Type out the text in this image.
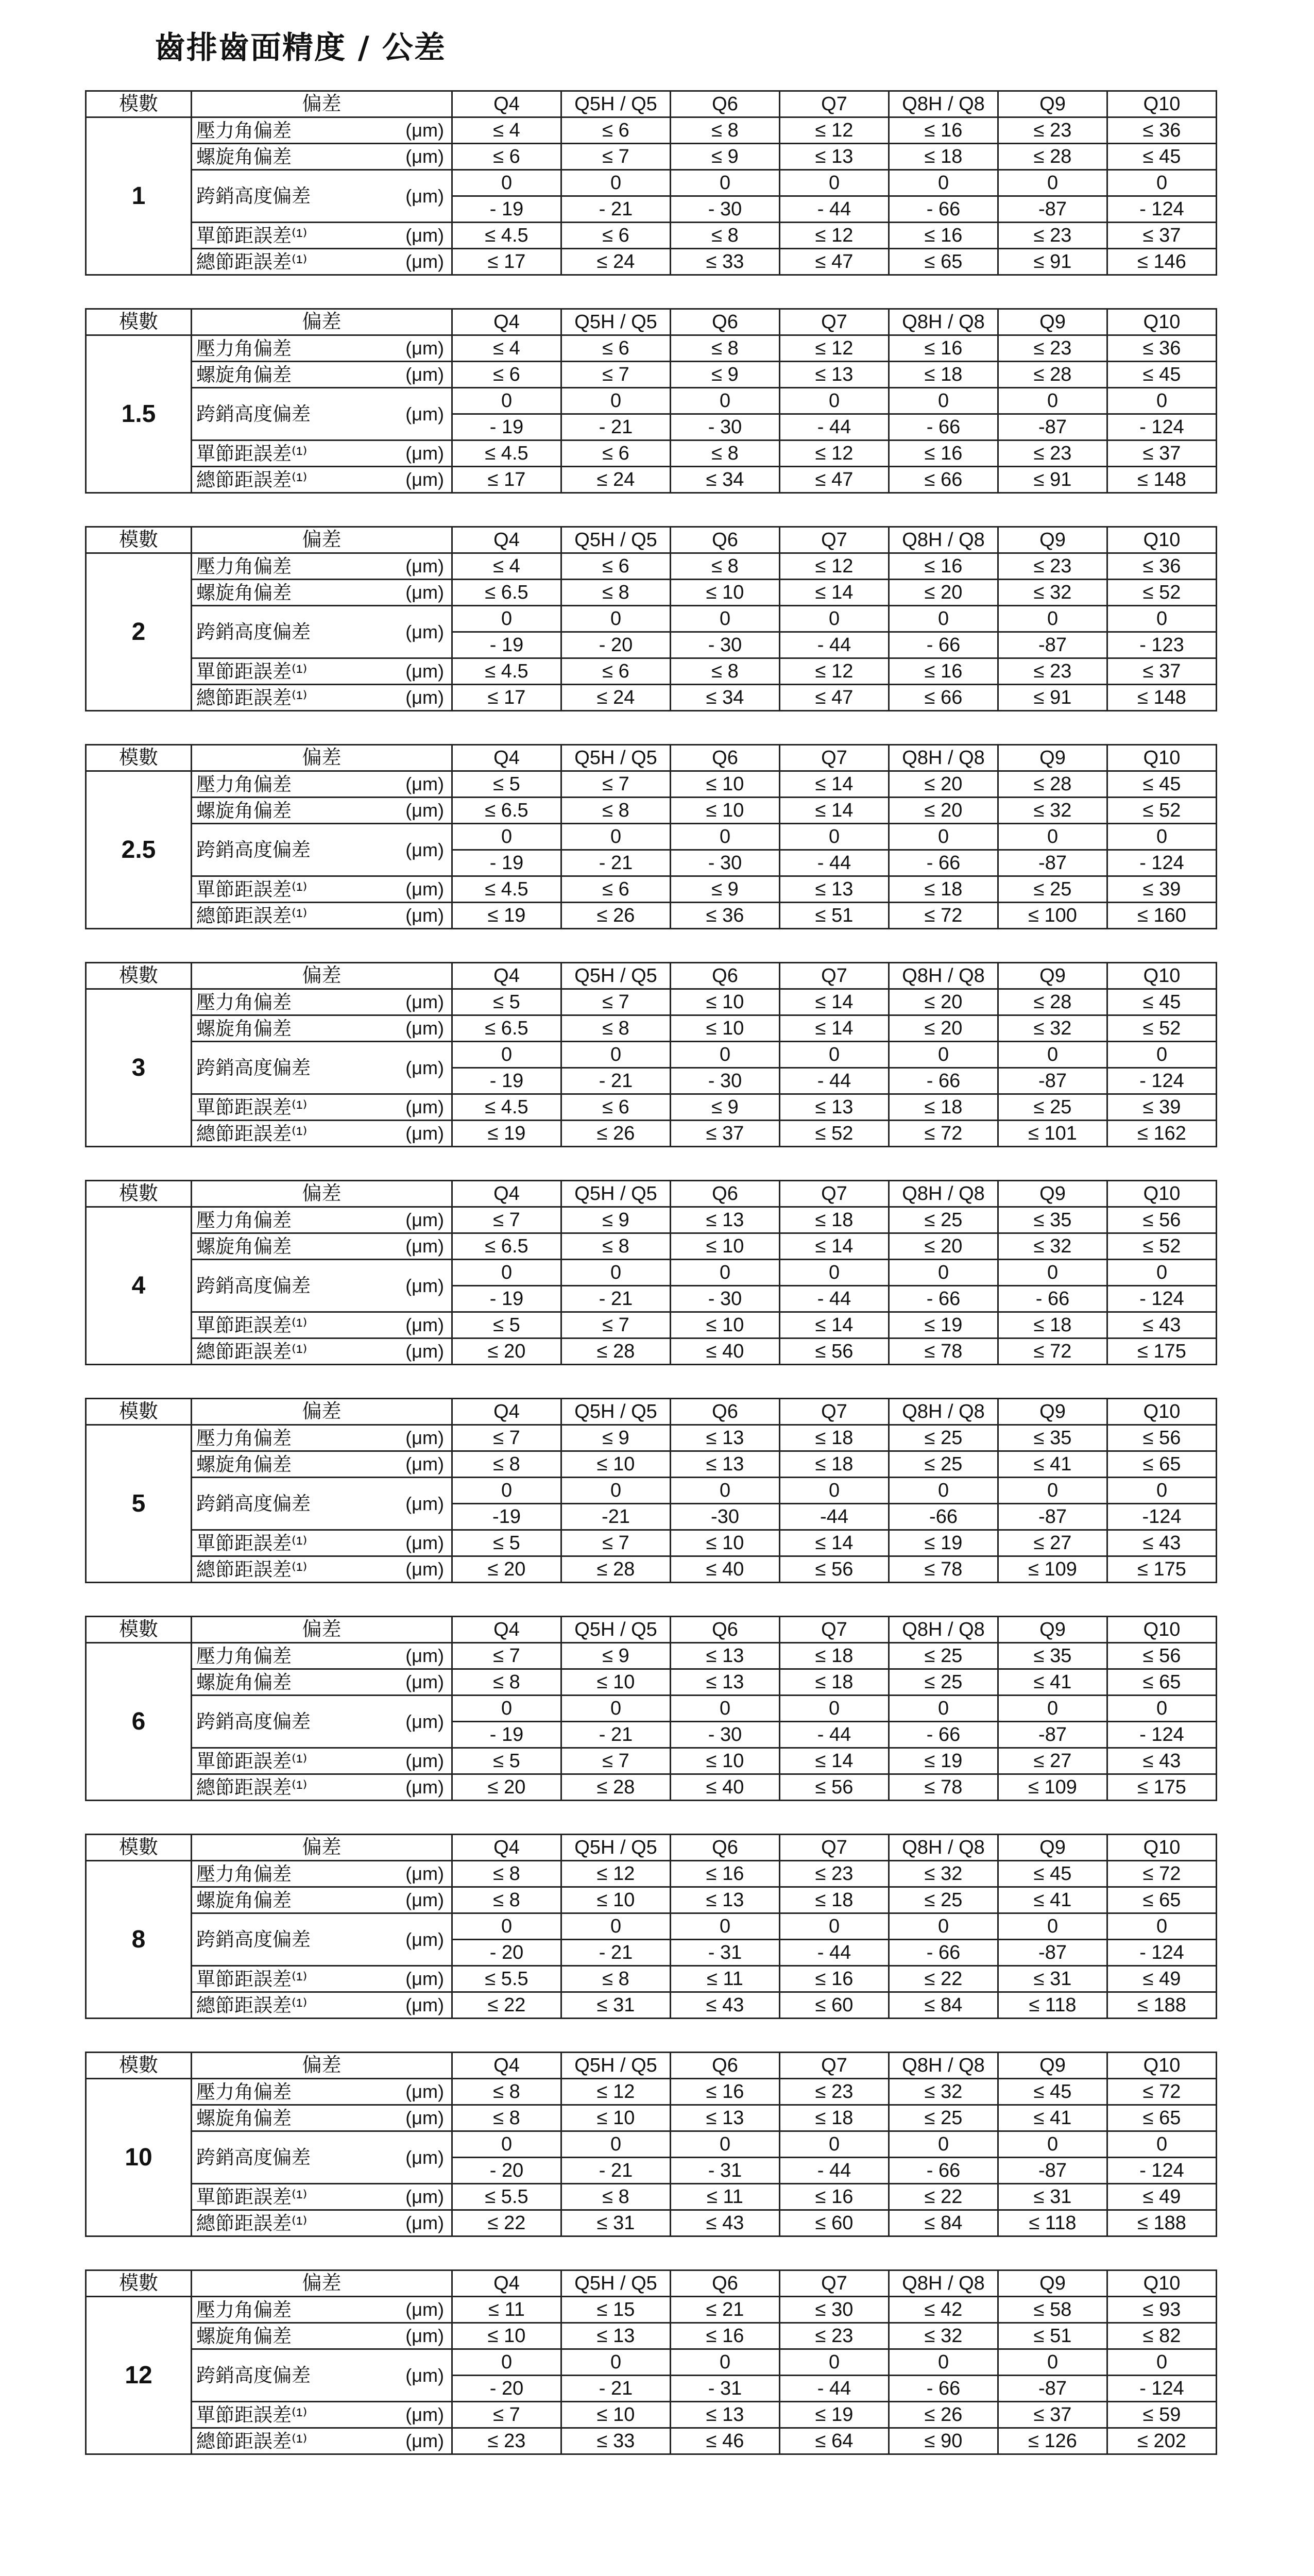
齒排齒面精度 / 公差
模數	偏差		Q4	Q5H / Q5	Q6	Q7	Q8H / Q8	Q9	Q10
1	壓力角偏差	(μm)	≤ 4	≤ 6	≤ 8	≤ 12	≤ 16	≤ 23	≤ 36
	螺旋角偏差	(μm)	≤ 6	≤ 7	≤ 9	≤ 13	≤ 18	≤ 28	≤ 45
	跨銷高度偏差	(μm)	0	0	0	0	0	0	0
			- 19	- 21	- 30	- 44	- 66	-87	- 124
	單節距誤差⁽¹⁾	(μm)	≤ 4.5	≤ 6	≤ 8	≤ 12	≤ 16	≤ 23	≤ 37
	總節距誤差⁽¹⁾	(μm)	≤ 17	≤ 24	≤ 33	≤ 47	≤ 65	≤ 91	≤ 146
模數	偏差		Q4	Q5H / Q5	Q6	Q7	Q8H / Q8	Q9	Q10
1.5	壓力角偏差	(μm)	≤ 4	≤ 6	≤ 8	≤ 12	≤ 16	≤ 23	≤ 36
	螺旋角偏差	(μm)	≤ 6	≤ 7	≤ 9	≤ 13	≤ 18	≤ 28	≤ 45
	跨銷高度偏差	(μm)	0	0	0	0	0	0	0
			- 19	- 21	- 30	- 44	- 66	-87	- 124
	單節距誤差⁽¹⁾	(μm)	≤ 4.5	≤ 6	≤ 8	≤ 12	≤ 16	≤ 23	≤ 37
	總節距誤差⁽¹⁾	(μm)	≤ 17	≤ 24	≤ 34	≤ 47	≤ 66	≤ 91	≤ 148
模數	偏差		Q4	Q5H / Q5	Q6	Q7	Q8H / Q8	Q9	Q10
2	壓力角偏差	(μm)	≤ 4	≤ 6	≤ 8	≤ 12	≤ 16	≤ 23	≤ 36
	螺旋角偏差	(μm)	≤ 6.5	≤ 8	≤ 10	≤ 14	≤ 20	≤ 32	≤ 52
	跨銷高度偏差	(μm)	0	0	0	0	0	0	0
			- 19	- 20	- 30	- 44	- 66	-87	- 123
	單節距誤差⁽¹⁾	(μm)	≤ 4.5	≤ 6	≤ 8	≤ 12	≤ 16	≤ 23	≤ 37
	總節距誤差⁽¹⁾	(μm)	≤ 17	≤ 24	≤ 34	≤ 47	≤ 66	≤ 91	≤ 148
模數	偏差		Q4	Q5H / Q5	Q6	Q7	Q8H / Q8	Q9	Q10
2.5	壓力角偏差	(μm)	≤ 5	≤ 7	≤ 10	≤ 14	≤ 20	≤ 28	≤ 45
	螺旋角偏差	(μm)	≤ 6.5	≤ 8	≤ 10	≤ 14	≤ 20	≤ 32	≤ 52
	跨銷高度偏差	(μm)	0	0	0	0	0	0	0
			- 19	- 21	- 30	- 44	- 66	-87	- 124
	單節距誤差⁽¹⁾	(μm)	≤ 4.5	≤ 6	≤ 9	≤ 13	≤ 18	≤ 25	≤ 39
	總節距誤差⁽¹⁾	(μm)	≤ 19	≤ 26	≤ 36	≤ 51	≤ 72	≤ 100	≤ 160
模數	偏差		Q4	Q5H / Q5	Q6	Q7	Q8H / Q8	Q9	Q10
3	壓力角偏差	(μm)	≤ 5	≤ 7	≤ 10	≤ 14	≤ 20	≤ 28	≤ 45
	螺旋角偏差	(μm)	≤ 6.5	≤ 8	≤ 10	≤ 14	≤ 20	≤ 32	≤ 52
	跨銷高度偏差	(μm)	0	0	0	0	0	0	0
			- 19	- 21	- 30	- 44	- 66	-87	- 124
	單節距誤差⁽¹⁾	(μm)	≤ 4.5	≤ 6	≤ 9	≤ 13	≤ 18	≤ 25	≤ 39
	總節距誤差⁽¹⁾	(μm)	≤ 19	≤ 26	≤ 37	≤ 52	≤ 72	≤ 101	≤ 162
模數	偏差		Q4	Q5H / Q5	Q6	Q7	Q8H / Q8	Q9	Q10
4	壓力角偏差	(μm)	≤ 7	≤ 9	≤ 13	≤ 18	≤ 25	≤ 35	≤ 56
	螺旋角偏差	(μm)	≤ 6.5	≤ 8	≤ 10	≤ 14	≤ 20	≤ 32	≤ 52
	跨銷高度偏差	(μm)	0	0	0	0	0	0	0
			- 19	- 21	- 30	- 44	- 66	- 66	- 124
	單節距誤差⁽¹⁾	(μm)	≤ 5	≤ 7	≤ 10	≤ 14	≤ 19	≤ 18	≤ 43
	總節距誤差⁽¹⁾	(μm)	≤ 20	≤ 28	≤ 40	≤ 56	≤ 78	≤ 72	≤ 175
模數	偏差		Q4	Q5H / Q5	Q6	Q7	Q8H / Q8	Q9	Q10
5	壓力角偏差	(μm)	≤ 7	≤ 9	≤ 13	≤ 18	≤ 25	≤ 35	≤ 56
	螺旋角偏差	(μm)	≤ 8	≤ 10	≤ 13	≤ 18	≤ 25	≤ 41	≤ 65
	跨銷高度偏差	(μm)	0	0	0	0	0	0	0
			-19	-21	-30	-44	-66	-87	-124
	單節距誤差⁽¹⁾	(μm)	≤ 5	≤ 7	≤ 10	≤ 14	≤ 19	≤ 27	≤ 43
	總節距誤差⁽¹⁾	(μm)	≤ 20	≤ 28	≤ 40	≤ 56	≤ 78	≤ 109	≤ 175
模數	偏差		Q4	Q5H / Q5	Q6	Q7	Q8H / Q8	Q9	Q10
6	壓力角偏差	(μm)	≤ 7	≤ 9	≤ 13	≤ 18	≤ 25	≤ 35	≤ 56
	螺旋角偏差	(μm)	≤ 8	≤ 10	≤ 13	≤ 18	≤ 25	≤ 41	≤ 65
	跨銷高度偏差	(μm)	0	0	0	0	0	0	0
			- 19	- 21	- 30	- 44	- 66	-87	- 124
	單節距誤差⁽¹⁾	(μm)	≤ 5	≤ 7	≤ 10	≤ 14	≤ 19	≤ 27	≤ 43
	總節距誤差⁽¹⁾	(μm)	≤ 20	≤ 28	≤ 40	≤ 56	≤ 78	≤ 109	≤ 175
模數	偏差		Q4	Q5H / Q5	Q6	Q7	Q8H / Q8	Q9	Q10
8	壓力角偏差	(μm)	≤ 8	≤ 12	≤ 16	≤ 23	≤ 32	≤ 45	≤ 72
	螺旋角偏差	(μm)	≤ 8	≤ 10	≤ 13	≤ 18	≤ 25	≤ 41	≤ 65
	跨銷高度偏差	(μm)	0	0	0	0	0	0	0
			- 20	- 21	- 31	- 44	- 66	-87	- 124
	單節距誤差⁽¹⁾	(μm)	≤ 5.5	≤ 8	≤ 11	≤ 16	≤ 22	≤ 31	≤ 49
	總節距誤差⁽¹⁾	(μm)	≤ 22	≤ 31	≤ 43	≤ 60	≤ 84	≤ 118	≤ 188
模數	偏差		Q4	Q5H / Q5	Q6	Q7	Q8H / Q8	Q9	Q10
10	壓力角偏差	(μm)	≤ 8	≤ 12	≤ 16	≤ 23	≤ 32	≤ 45	≤ 72
	螺旋角偏差	(μm)	≤ 8	≤ 10	≤ 13	≤ 18	≤ 25	≤ 41	≤ 65
	跨銷高度偏差	(μm)	0	0	0	0	0	0	0
			- 20	- 21	- 31	- 44	- 66	-87	- 124
	單節距誤差⁽¹⁾	(μm)	≤ 5.5	≤ 8	≤ 11	≤ 16	≤ 22	≤ 31	≤ 49
	總節距誤差⁽¹⁾	(μm)	≤ 22	≤ 31	≤ 43	≤ 60	≤ 84	≤ 118	≤ 188
模數	偏差		Q4	Q5H / Q5	Q6	Q7	Q8H / Q8	Q9	Q10
12	壓力角偏差	(μm)	≤ 11	≤ 15	≤ 21	≤ 30	≤ 42	≤ 58	≤ 93
	螺旋角偏差	(μm)	≤ 10	≤ 13	≤ 16	≤ 23	≤ 32	≤ 51	≤ 82
	跨銷高度偏差	(μm)	0	0	0	0	0	0	0
			- 20	- 21	- 31	- 44	- 66	-87	- 124
	單節距誤差⁽¹⁾	(μm)	≤ 7	≤ 10	≤ 13	≤ 19	≤ 26	≤ 37	≤ 59
	總節距誤差⁽¹⁾	(μm)	≤ 23	≤ 33	≤ 46	≤ 64	≤ 90	≤ 126	≤ 202
